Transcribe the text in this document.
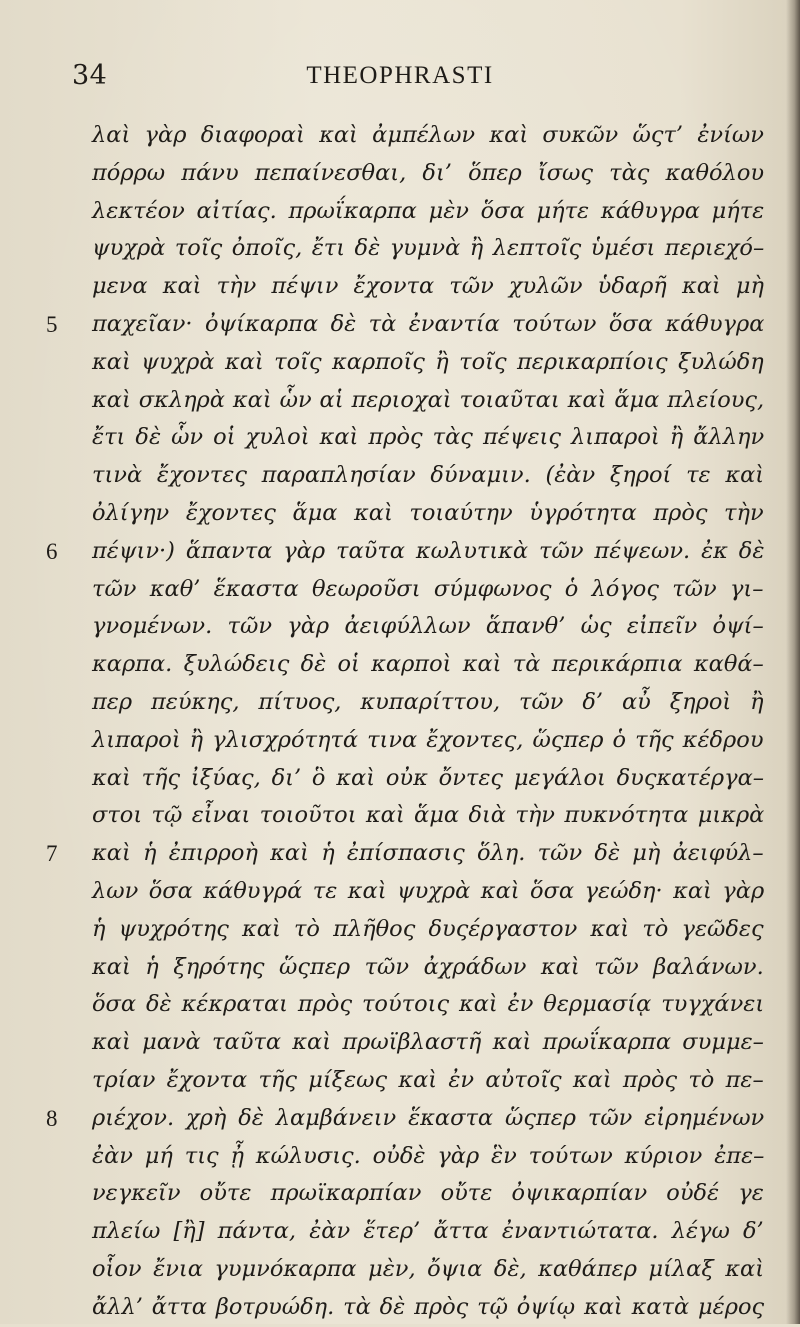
34	THEOPHRASTI
λαὶ γὰρ διαφοραὶ καὶ ἀμπέλων καὶ συκῶν ὥςτ’ ἐνίων
πόρρω πάνυ πεπαίνεσθαι, δι’ ὅπερ ἴσως τὰς καθόλου
λεκτέον αἰτίας. πρωΐκαρπα μὲν ὅσα μήτε κάθυγρα μήτε
ψυχρὰ τοῖς ὀποῖς, ἔτι δὲ γυμνὰ ἢ λεπτοῖς ὑμέσι περιεχό–
μενα καὶ τὴν πέψιν ἔχοντα τῶν χυλῶν ὑδαρῆ καὶ μὴ
5 παχεῖαν· ὀψίκαρπα δὲ τὰ ἐναντία τούτων ὅσα κάθυγρα
καὶ ψυχρὰ καὶ τοῖς καρποῖς ἢ τοῖς περικαρπίοις ξυλώδη
καὶ σκληρὰ καὶ ὧν αἱ περιοχαὶ τοιαῦται καὶ ἅμα πλείους,
ἔτι δὲ ὧν οἱ χυλοὶ καὶ πρὸς τὰς πέψεις λιπαροὶ ἢ ἄλλην
τινὰ ἔχοντες παραπλησίαν δύναμιν. (ἐὰν ξηροί τε καὶ
ὀλίγην ἔχοντες ἅμα καὶ τοιαύτην ὑγρότητα πρὸς τὴν
6 πέψιν·) ἅπαντα γὰρ ταῦτα κωλυτικὰ τῶν πέψεων. ἐκ δὲ
τῶν καθ’ ἕκαστα θεωροῦσι σύμφωνος ὁ λόγος τῶν γι–
γνομένων. τῶν γὰρ ἀειφύλλων ἅπανθ’ ὡς εἰπεῖν ὀψί–
καρπα. ξυλώδεις δὲ οἱ καρποὶ καὶ τὰ περικάρπια καθά–
περ πεύκης, πίτυος, κυπαρίττου, τῶν δ’ αὖ ξηροὶ ἢ
λιπαροὶ ἢ γλισχρότητά τινα ἔχοντες, ὥςπερ ὁ τῆς κέδρου
καὶ τῆς ἰξύας, δι’ ὃ καὶ οὐκ ὄντες μεγάλοι δυςκατέργα–
στοι τῷ εἶναι τοιοῦτοι καὶ ἅμα διὰ τὴν πυκνότητα μικρὰ
7 καὶ ἡ ἐπιρροὴ καὶ ἡ ἐπίσπασις ὅλη. τῶν δὲ μὴ ἀειφύλ–
λων ὅσα κάθυγρά τε καὶ ψυχρὰ καὶ ὅσα γεώδη· καὶ γὰρ
ἡ ψυχρότης καὶ τὸ πλῆθος δυςέργαστον καὶ τὸ γεῶδες
καὶ ἡ ξηρότης ὥςπερ τῶν ἀχράδων καὶ τῶν βαλάνων.
ὅσα δὲ κέκραται πρὸς τούτοις καὶ ἐν θερμασίᾳ τυγχάνει
καὶ μανὰ ταῦτα καὶ πρωϊβλαστῆ καὶ πρωΐκαρπα συμμε–
τρίαν ἔχοντα τῆς μίξεως καὶ ἐν αὐτοῖς καὶ πρὸς τὸ πε–
8 ριέχον. χρὴ δὲ λαμβάνειν ἕκαστα ὥςπερ τῶν εἰρημένων
ἐὰν μή τις ᾖ κώλυσις. οὐδὲ γὰρ ἓν τούτων κύριον ἐπε–
νεγκεῖν οὔτε πρωϊκαρπίαν οὔτε ὀψικαρπίαν οὐδέ γε
πλείω [ἢ] πάντα, ἐὰν ἕτερ’ ἄττα ἐναντιώτατα. λέγω δ’
οἷον ἔνια γυμνόκαρπα μὲν, ὄψια δὲ, καθάπερ μίλαξ καὶ
ἄλλ’ ἄττα βοτρυώδη. τὰ δὲ πρὸς τῷ ὀψίῳ καὶ κατὰ μέρος
